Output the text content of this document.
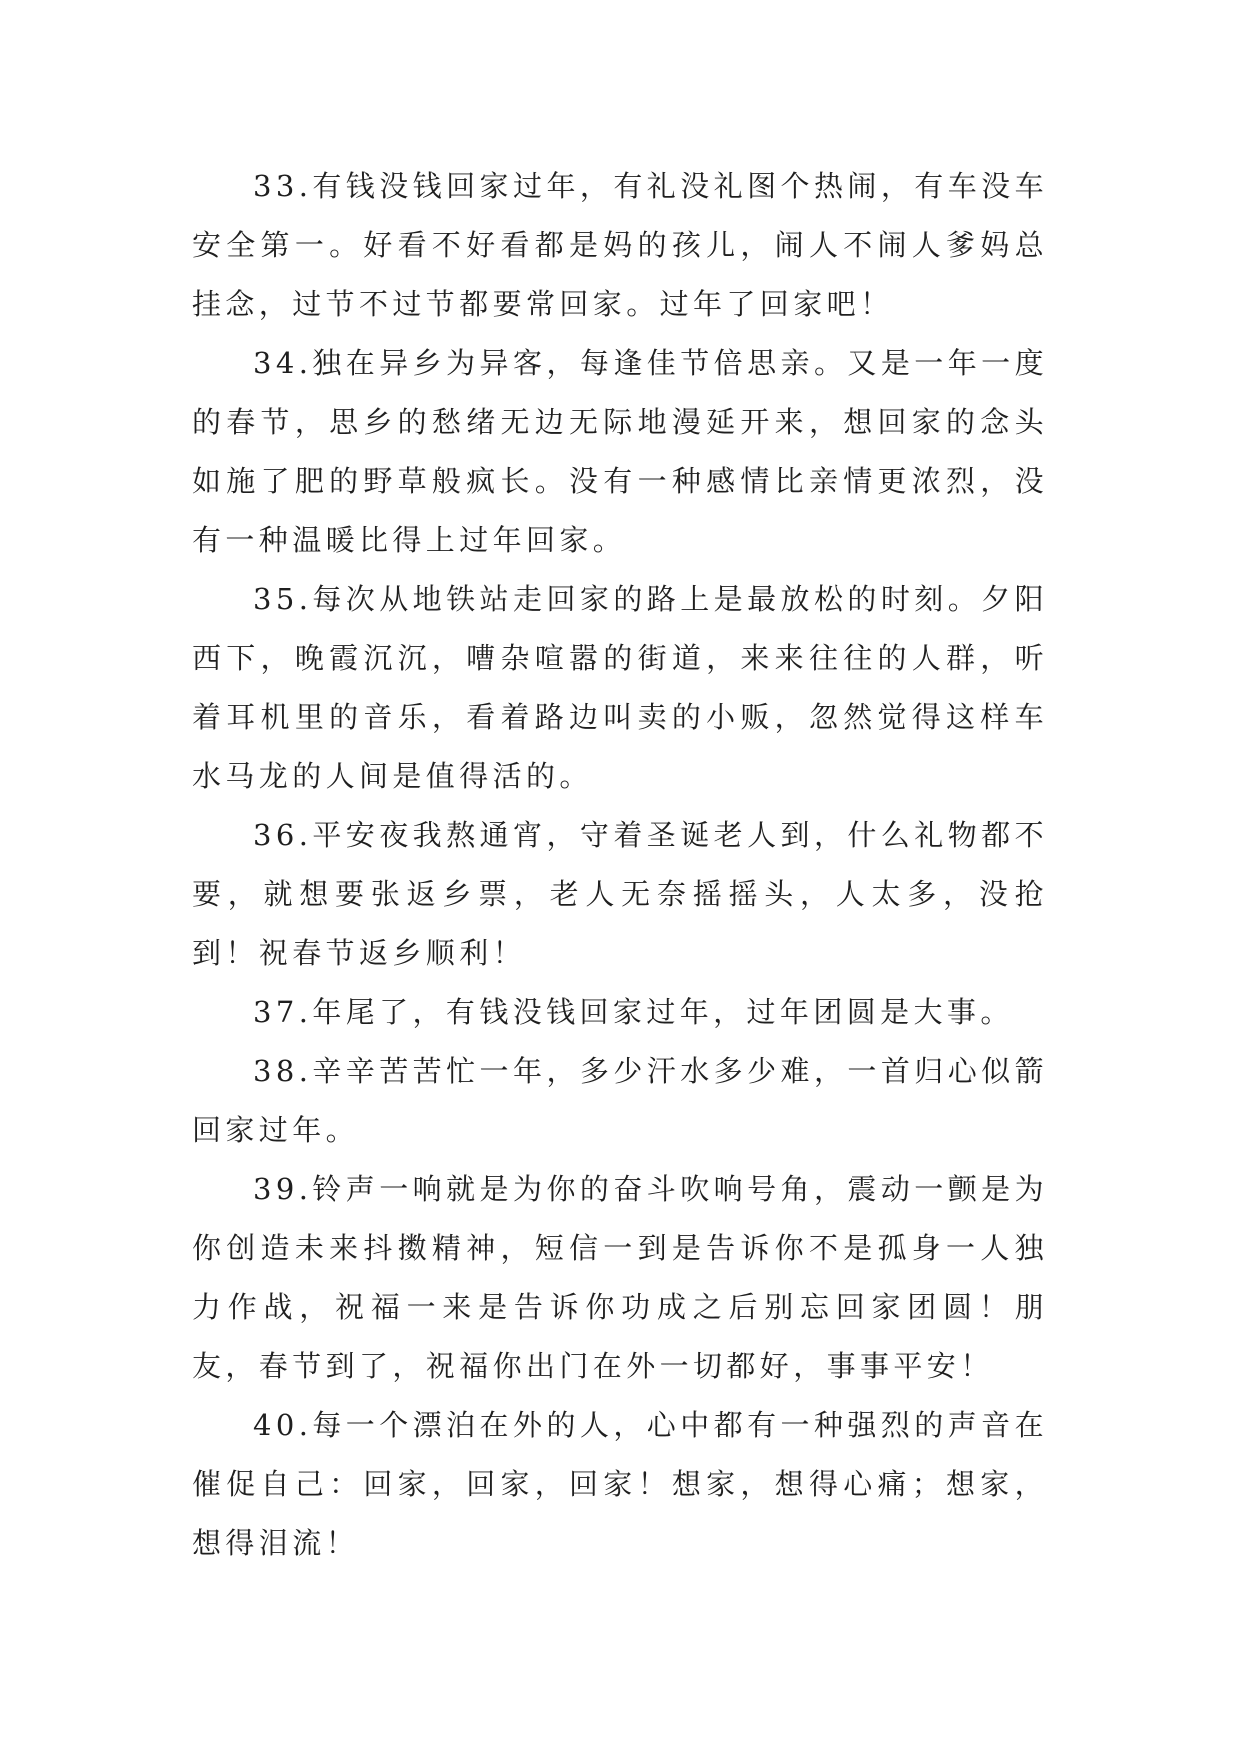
33.有钱没钱回家过年，有礼没礼图个热闹，有车没车安全第一。好看不好看都是妈的孩儿，闹人不闹人爹妈总挂念，过节不过节都要常回家。过年了回家吧！

34.独在异乡为异客，每逢佳节倍思亲。又是一年一度的春节，思乡的愁绪无边无际地漫延开来，想回家的念头如施了肥的野草般疯长。没有一种感情比亲情更浓烈，没有一种温暖比得上过年回家。

35.每次从地铁站走回家的路上是最放松的时刻。夕阳西下，晚霞沉沉，嘈杂喧嚣的街道，来来往往的人群，听着耳机里的音乐，看着路边叫卖的小贩，忽然觉得这样车水马龙的人间是值得活的。

36.平安夜我熬通宵，守着圣诞老人到，什么礼物都不要，就想要张返乡票，老人无奈摇摇头，人太多，没抢到！祝春节返乡顺利！

37.年尾了，有钱没钱回家过年，过年团圆是大事。

38.辛辛苦苦忙一年，多少汗水多少难，一首归心似箭回家过年。

39.铃声一响就是为你的奋斗吹响号角，震动一颤是为你创造未来抖擞精神，短信一到是告诉你不是孤身一人独力作战，祝福一来是告诉你功成之后别忘回家团圆！朋友，春节到了，祝福你出门在外一切都好，事事平安！

40.每一个漂泊在外的人，心中都有一种强烈的声音在催促自己：回家，回家，回家！想家，想得心痛；想家，想得泪流！
